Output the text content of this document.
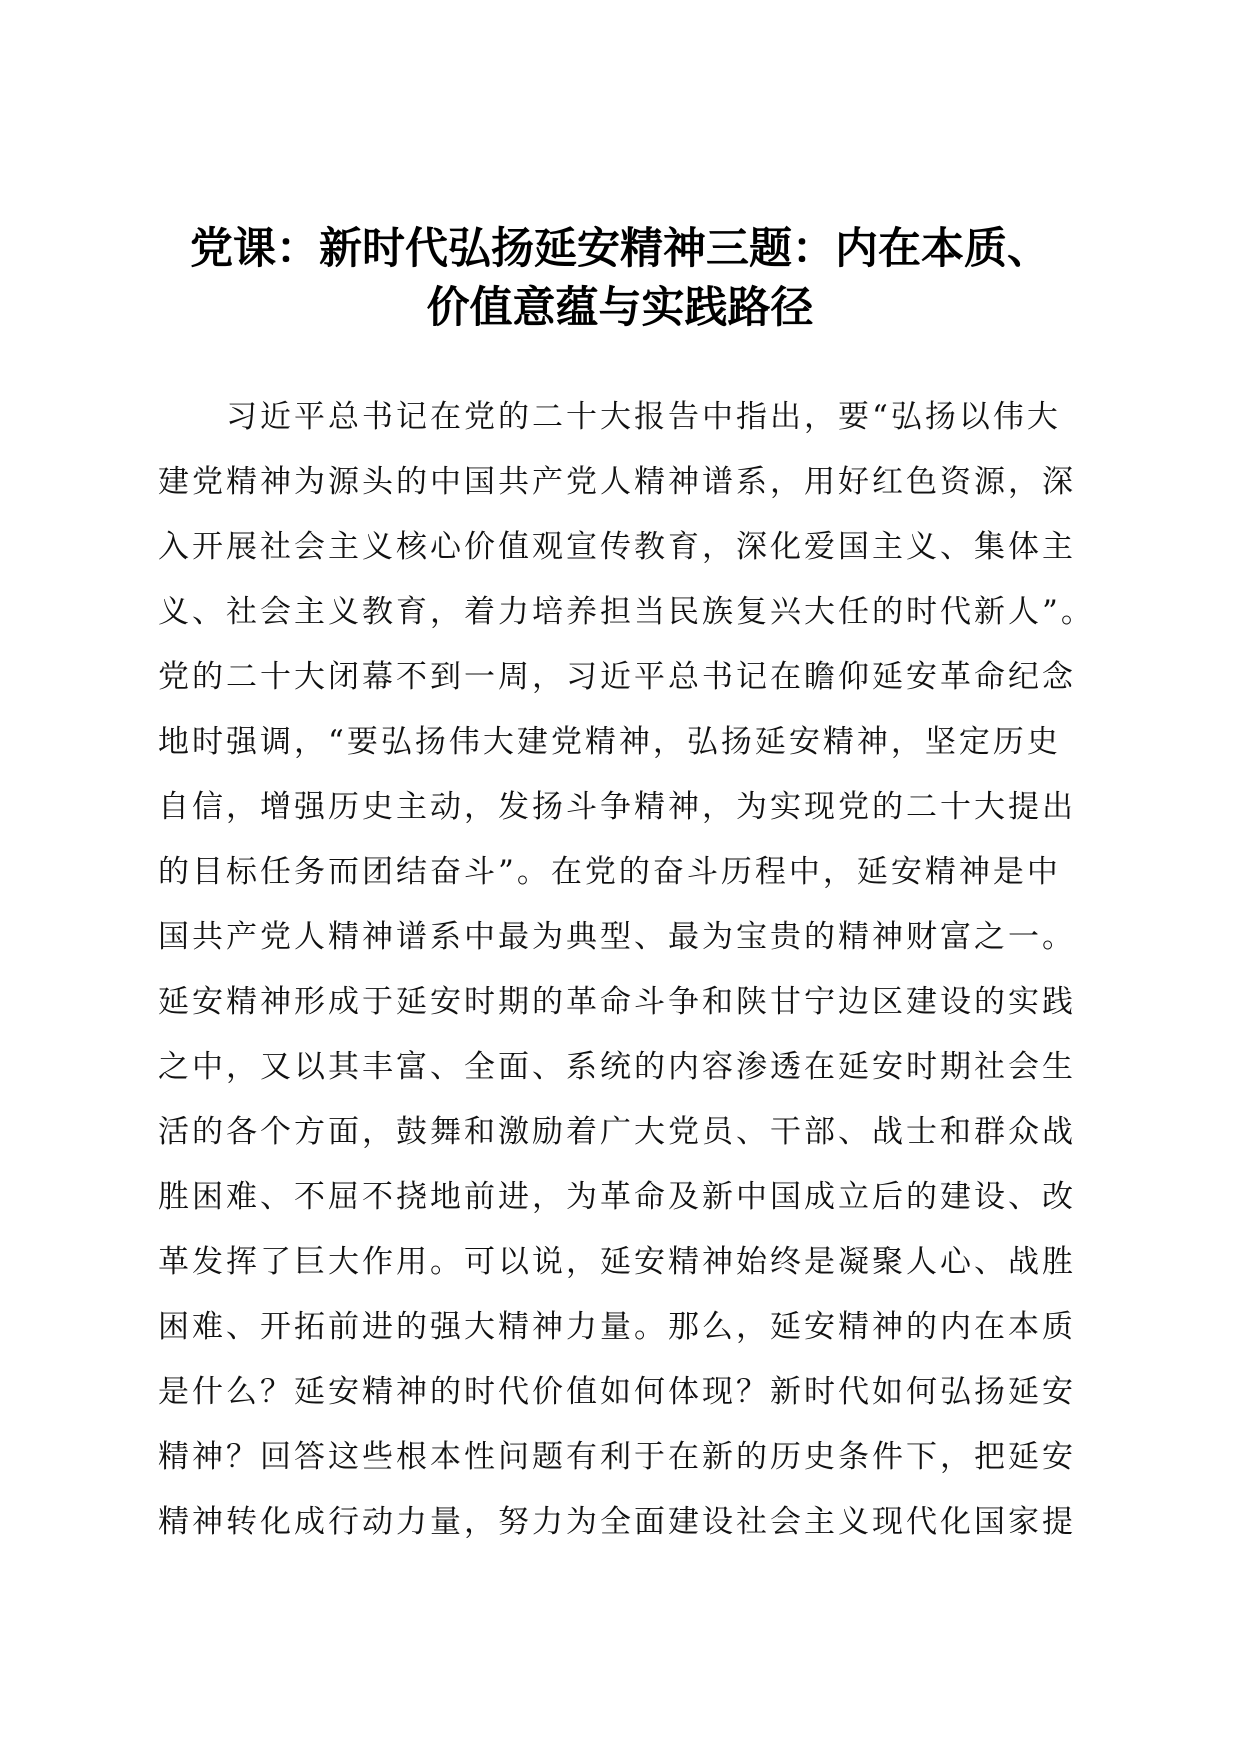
党课：新时代弘扬延安精神三题：内在本质、
价值意蕴与实践路径
　　习近平总书记在党的二十大报告中指出，要“弘扬以伟大
建党精神为源头的中国共产党人精神谱系，用好红色资源，深
入开展社会主义核心价值观宣传教育，深化爱国主义、集体主
义、社会主义教育，着力培养担当民族复兴大任的时代新人”。
党的二十大闭幕不到一周，习近平总书记在瞻仰延安革命纪念
地时强调，“要弘扬伟大建党精神，弘扬延安精神，坚定历史
自信，增强历史主动，发扬斗争精神，为实现党的二十大提出
的目标任务而团结奋斗”。在党的奋斗历程中，延安精神是中
国共产党人精神谱系中最为典型、最为宝贵的精神财富之一。
延安精神形成于延安时期的革命斗争和陕甘宁边区建设的实践
之中，又以其丰富、全面、系统的内容渗透在延安时期社会生
活的各个方面，鼓舞和激励着广大党员、干部、战士和群众战
胜困难、不屈不挠地前进，为革命及新中国成立后的建设、改
革发挥了巨大作用。可以说，延安精神始终是凝聚人心、战胜
困难、开拓前进的强大精神力量。那么，延安精神的内在本质
是什么？延安精神的时代价值如何体现？新时代如何弘扬延安
精神？回答这些根本性问题有利于在新的历史条件下，把延安
精神转化成行动力量，努力为全面建设社会主义现代化国家提
